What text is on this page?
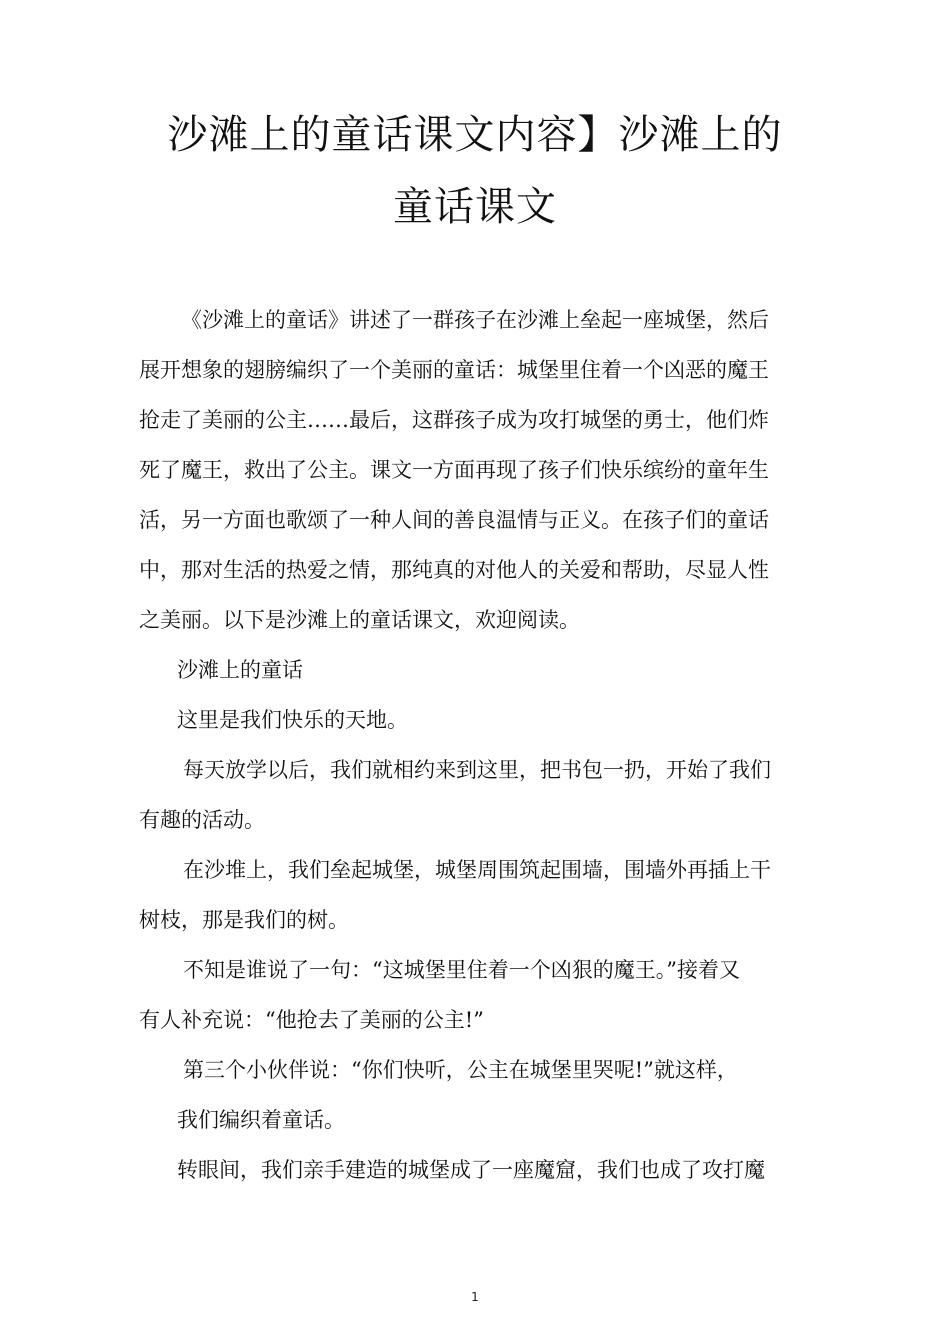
沙滩上的童话课文内容】沙滩上的
童话课文
《沙滩上的童话》讲述了一群孩子在沙滩上垒起一座城堡，然后
展开想象的翅膀编织了一个美丽的童话：城堡里住着一个凶恶的魔王
抢走了美丽的公主……最后，这群孩子成为攻打城堡的勇士，他们炸
死了魔王，救出了公主。课文一方面再现了孩子们快乐缤纷的童年生
活，另一方面也歌颂了一种人间的善良温情与正义。在孩子们的童话
中，那对生活的热爱之情，那纯真的对他人的关爱和帮助，尽显人性
之美丽。以下是沙滩上的童话课文，欢迎阅读。
沙滩上的童话
这里是我们快乐的天地。
每天放学以后，我们就相约来到这里，把书包一扔，开始了我们
有趣的活动。
在沙堆上，我们垒起城堡，城堡周围筑起围墙，围墙外再插上干
树枝，那是我们的树。
不知是谁说了一句：“这城堡里住着一个凶狠的魔王。”接着又
有人补充说：“他抢去了美丽的公主!”
第三个小伙伴说：“你们快听，公主在城堡里哭呢!”就这样，
我们编织着童话。
转眼间，我们亲手建造的城堡成了一座魔窟，我们也成了攻打魔
1
